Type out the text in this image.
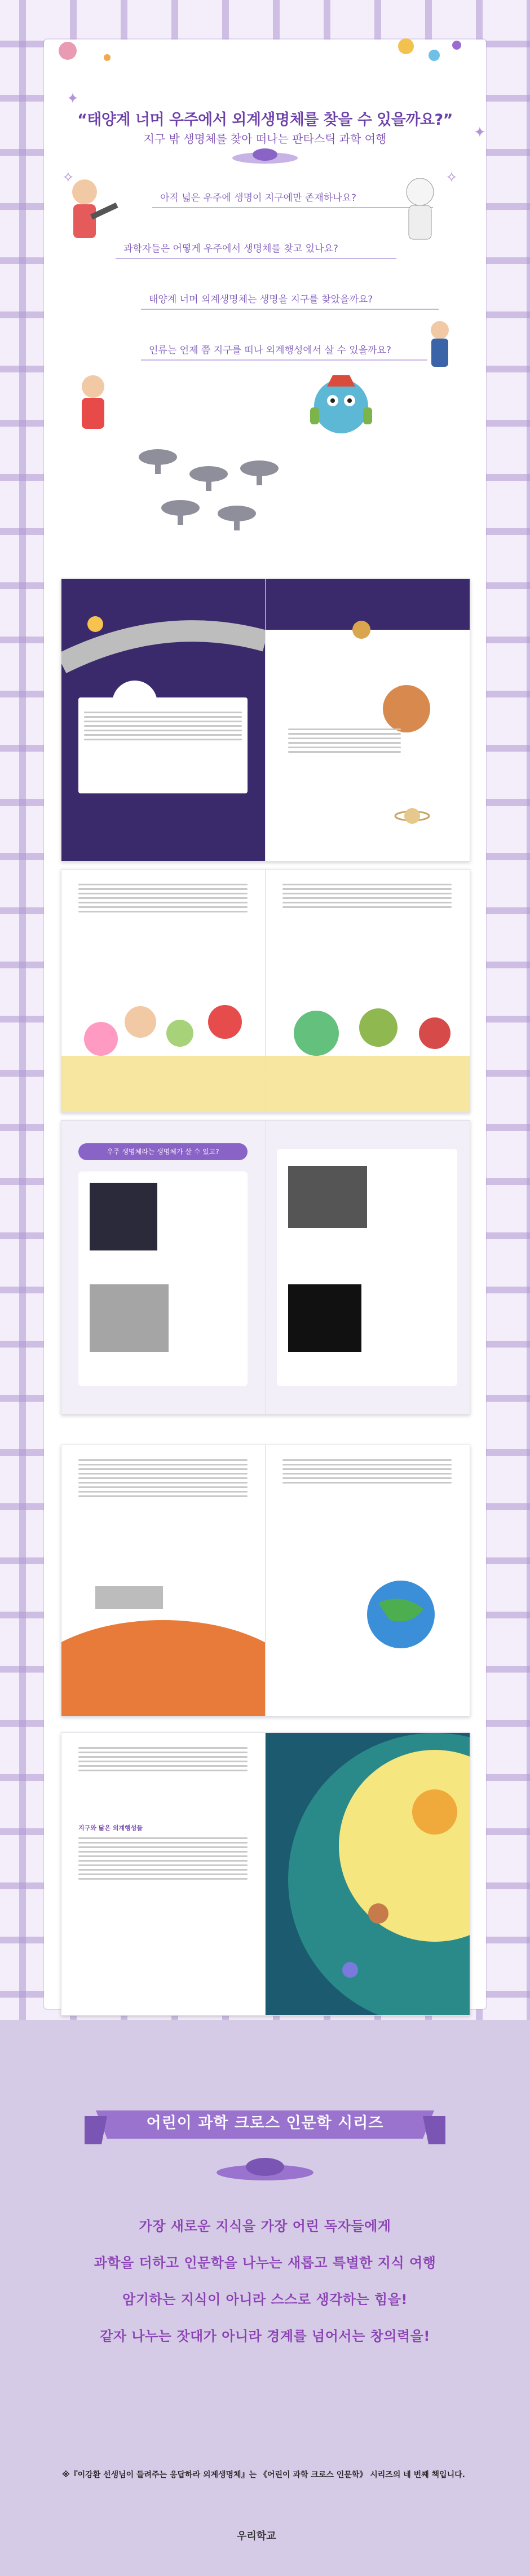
✦
✦
✧	✧
“태양계 너머 우주에서 외계생명체를 찾을 수 있을까요?”
지구 밖 생명체를 찾아 떠나는 판타스틱 과학 여행
아직 넓은 우주에 생명이 지구에만 존재하나요?
과학자들은 어떻게 우주에서 생명체를 찾고 있나요?
태양계 너머 외계생명체는 생명을 지구를 찾았을까요?
인류는 언제 쯤 지구를 떠나 외계행성에서 살 수 있을까요?
우주 생명체라는 생명체가 살 수 있고?
지구와 닮은 외계행성들
어린이 과학 크로스 인문학 시리즈
가장 새로운 지식을 가장 어린 독자들에게
과학을 더하고 인문학을 나누는 새롭고 특별한 지식 여행
암기하는 지식이 아니라 스스로 생각하는 힘을!
같자 나누는 잣대가 아니라 경계를 넘어서는 창의력을!
※『이강환 선생님이 들려주는 응답하라 외계생명체』는 《어린이 과학 크로스 인문학》 시리즈의 네 번째 책입니다.
우리학교
